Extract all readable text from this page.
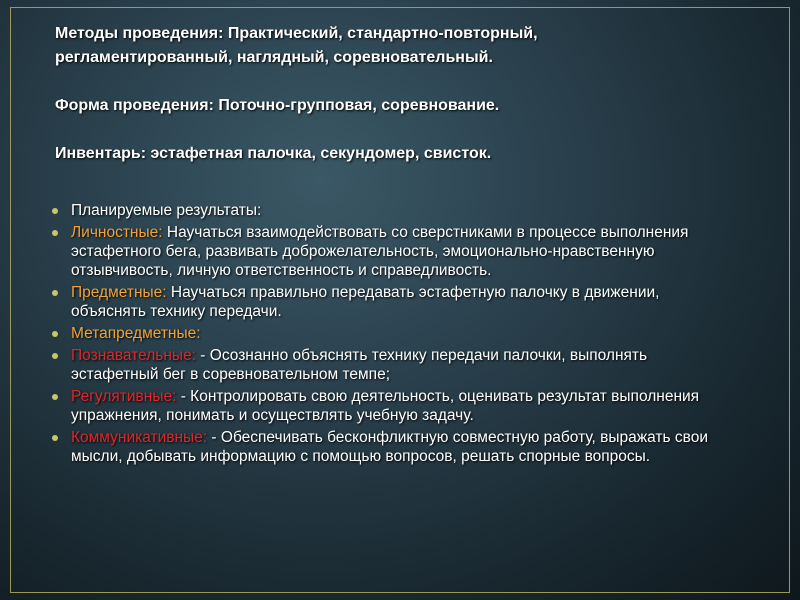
Методы проведения: Практический, стандартно-повторный,

регламентированный, наглядный, соревновательный.

Форма проведения: Поточно-групповая, соревнование.

Инвентарь: эстафетная палочка, секундомер, свисток.

Планируемые результаты:
Личностные: Научаться взаимодействовать со сверстниками в процессе выполнения эстафетного бега, развивать доброжелательность, эмоционально-нравственную отзывчивость, личную ответственность и справедливость.
Предметные: Научаться правильно передавать эстафетную палочку в движении, объяснять технику передачи.
Метапредметные:
Познавательные: - Осознанно объяснять технику передачи палочки, выполнять эстафетный бег в соревновательном темпе;
Регулятивные: - Контролировать свою деятельность, оценивать результат выполнения упражнения, понимать и осуществлять учебную задачу.
Коммуникативные: - Обеспечивать бесконфликтную совместную работу, выражать свои мысли, добывать информацию с помощью вопросов, решать спорные вопросы.
